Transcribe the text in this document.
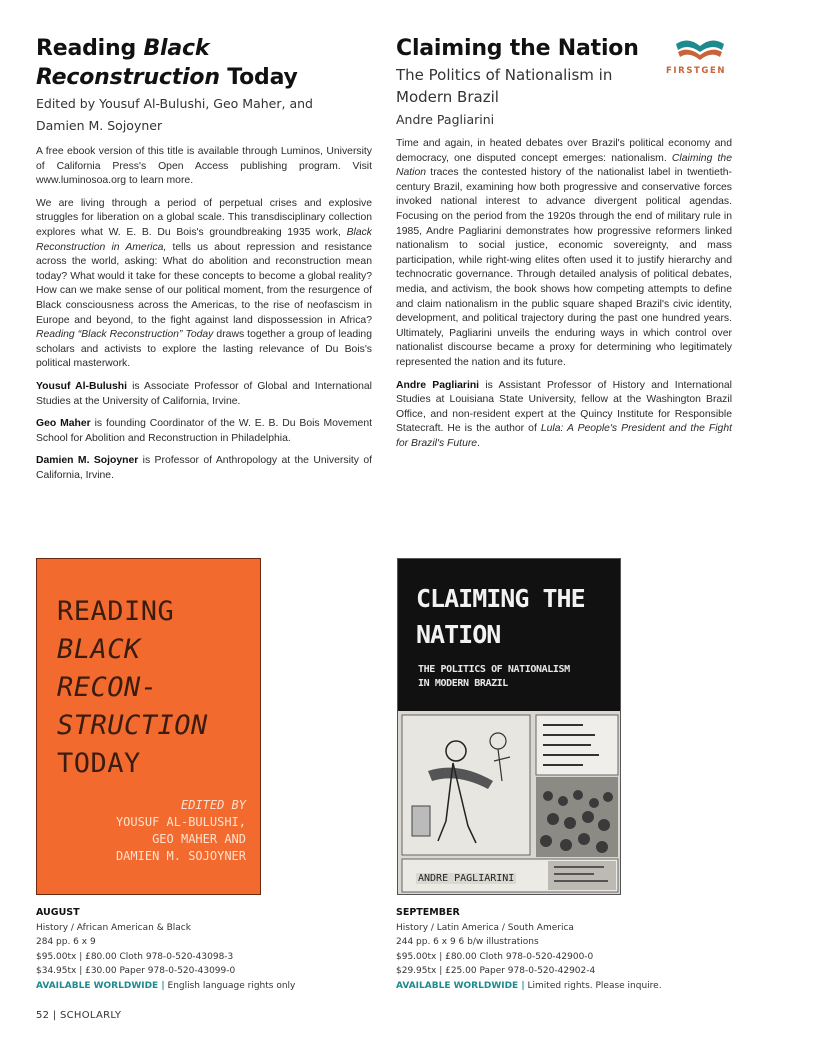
Reading Black Reconstruction Today
Edited by Yousuf Al-Bulushi, Geo Maher, and
Damien M. Sojoyner

A free ebook version of this title is available through Luminos, University of California Press's Open Access publishing program. Visit www.luminosoa.org to learn more.

We are living through a period of perpetual crises and explosive struggles for liberation on a global scale. This transdisciplinary collection explores what W. E. B. Du Bois's groundbreaking 1935 work, Black Reconstruction in America, tells us about repression and resistance across the world, asking: What do abolition and reconstruction mean today? What would it take for these concepts to become a global reality? How can we make sense of our political moment, from the resurgence of Black consciousness across the Americas, to the rise of neofascism in Europe and beyond, to the fight against land dispossession in Africa? Reading “Black Reconstruction” Today draws together a group of leading scholars and activists to explore the lasting relevance of Du Bois's political masterwork.

Yousuf Al-Bulushi is Associate Professor of Global and International Studies at the University of California, Irvine.

Geo Maher is founding Coordinator of the W. E. B. Du Bois Movement School for Abolition and Reconstruction in Philadelphia.

Damien M. Sojoyner is Professor of Anthropology at the University of California, Irvine.

Claiming the Nation
The Politics of Nationalism in
Modern Brazil
Andre Pagliarini

Time and again, in heated debates over Brazil's political economy and democracy, one disputed concept emerges: nationalism. Claiming the Nation traces the contested history of the nationalist label in twentieth-century Brazil, examining how both progressive and conservative forces invoked national interest to advance divergent political agendas. Focusing on the period from the 1920s through the end of military rule in 1985, Andre Pagliarini demonstrates how progressive reformers linked nationalism to social justice, economic sovereignty, and mass participation, while right-wing elites often used it to justify hierarchy and technocratic governance. Through detailed analysis of political debates, media, and activism, the book shows how competing attempts to define and claim nationalism in the public square shaped Brazil's civic identity, development, and political trajectory during the past one hundred years. Ultimately, Pagliarini unveils the enduring ways in which control over nationalist discourse became a proxy for determining who legitimately represented the nation and its future.

Andre Pagliarini is Assistant Professor of History and International Studies at Louisiana State University, fellow at the Washington Brazil Office, and non-resident expert at the Quincy Institute for Responsible Statecraft. He is the author of Lula: A People's President and the Fight for Brazil's Future.

FIRSTGEN
READING
BLACK
RECON-
STRUCTION
TODAY
EDITED BY
YOUSUF AL-BULUSHI,
GEO MAHER AND
DAMIEN M. SOJOYNER
CLAIMING THE
NATION
THE POLITICS OF NATIONALISM
IN MODERN BRAZIL
ANDRE PAGLIARINI
AUGUST
History / African American & Black
284 pp. 6 x 9
$95.00tx | £80.00 Cloth 978-0-520-43098-3
$34.95tx | £30.00 Paper 978-0-520-43099-0
AVAILABLE WORLDWIDE | English language rights only
SEPTEMBER
History / Latin America / South America
244 pp. 6 x 9 6 b/w illustrations
$95.00tx | £80.00 Cloth 978-0-520-42900-0
$29.95tx | £25.00 Paper 978-0-520-42902-4
AVAILABLE WORLDWIDE | Limited rights. Please inquire.
52 | SCHOLARLY
